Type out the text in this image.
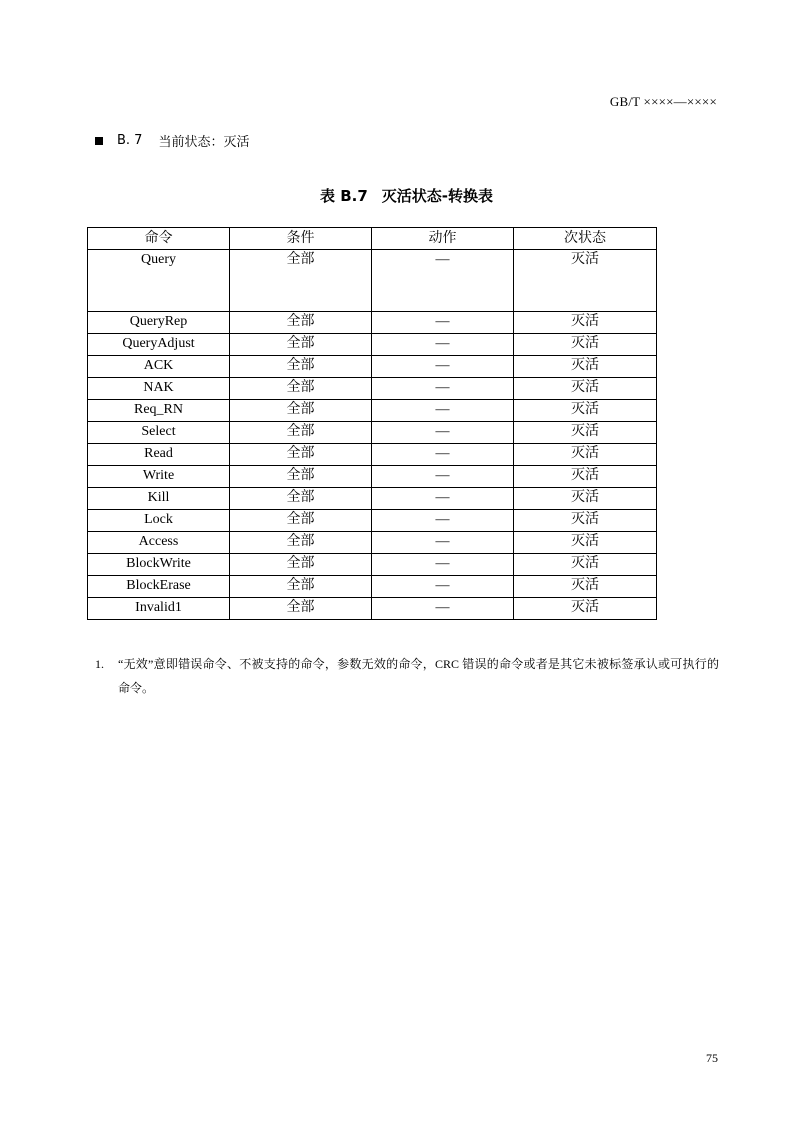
GB/T ××××—××××
B. 7 当前状态：灭活
表 B.7 灭活状态-转换表
命令	条件	动作	次状态
Query	全部	—	灭活
QueryRep	全部	—	灭活
QueryAdjust	全部	—	灭活
ACK	全部	—	灭活
NAK	全部	—	灭活
Req_RN	全部	—	灭活
Select	全部	—	灭活
Read	全部	—	灭活
Write	全部	—	灭活
Kill	全部	—	灭活
Lock	全部	—	灭活
Access	全部	—	灭活
BlockWrite	全部	—	灭活
BlockErase	全部	—	灭活
Invalid1	全部	—	灭活
1. “无效”意即错误命令、不被支持的命令，参数无效的命令，CRC 错误的命令或者是其它未被标签承认或可执行的命令。
75
